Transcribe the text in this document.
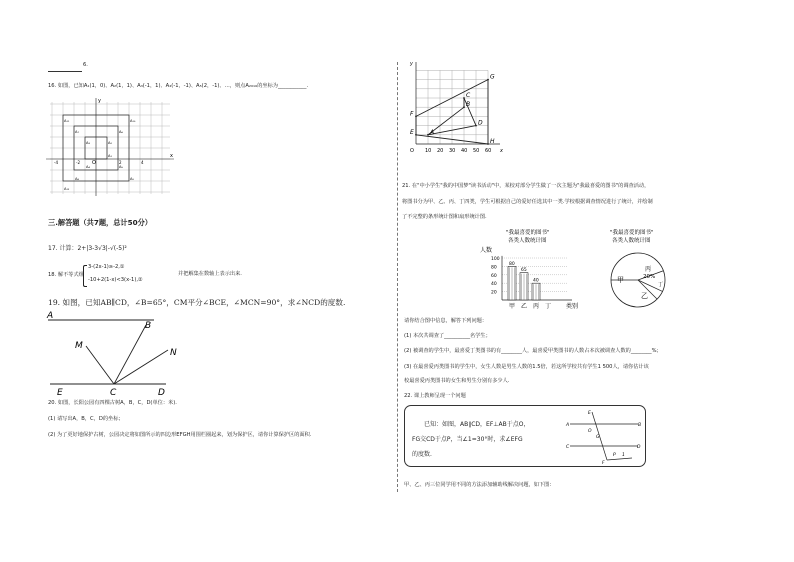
6.
16. 如图，已知A₁(1，0)、A₂(1，1)、A₃(-1，1)、A₄(-1，-1)、A₅(2，-1)、…，则点A₂₀₁₆的坐标为___________.
x
y
O
-4	-2	2	4
A₁
A₂
A₃
A₄	A₅
A₆
A₇
A₈	A₉
A₁₀
A₁₁
A₁₂
三.解答题（共7题，总计50分）
17. 计算：2+|3-3√3|-√(-5)²
18. 解不等式组
3-(2x-1)≥-2,①
-10+2(1-x)<3(x-1),②
并把解集在数轴上表示出来.
19. 如图，已知AB∥CD，∠B=65°，CM平分∠BCE，∠MCN=90°，求∠NCD的度数.
A
B
M
N
E	C	D
20. 如图，长阳公园有四棵古树A，B，C，D(单位：米).
(1) 请写出A，B，C，D的坐标；
(2) 为了更好地保护古树，公园决定将如图所示的四边形EFGH用围栏圈起来，划为保护区，请你计算保护区的面积.
10 20 30 40 50 60
O	x
y
E	A
F
B
C
G
D
H
21. 在"中小学生"我的中国梦"读书活动"中，某校对部分学生做了一次主题为"我最喜爱的图书"的调查活动，
将图书分为甲、乙、丙、丁四类，学生可根据自己的爱好任选其中一类.学校根据调查情况进行了统计，并绘制
了不完整的条形统计图和扇形统计图.
"我最喜爱的图书"
各类人数统计图
人数
100
80
60
40
20
80
甲
65
乙
40
丙 丁 类别
"我最喜爱的图书"
各类人数统计图
甲
乙
丙
20%
丁
请你结合图中信息，解答下列问题：
(1) 本次共调查了__________名学生；
(2) 被调查的学生中，最喜爱丁类图书的有________人，最喜爱甲类图书的人数占本次被调查人数的________%；
(3) 在最喜爱丙类图书的学生中，女生人数是男生人数的1.5倍，若这所学校共有学生1 500人，请你估计该
校最喜爱丙类图书的女生和男生分别有多少人.
22. 课上教师呈现一个问题
已知：如图，AB∥CD，EF⊥AB于点O，
FG交CD于点P，当∠1=30°时，求∠EFG
的度数.
E
A
O
B
C	D
G
P
F
1
甲、乙、丙三位同学用不同的方法添加辅助线解决问题，如下图：
